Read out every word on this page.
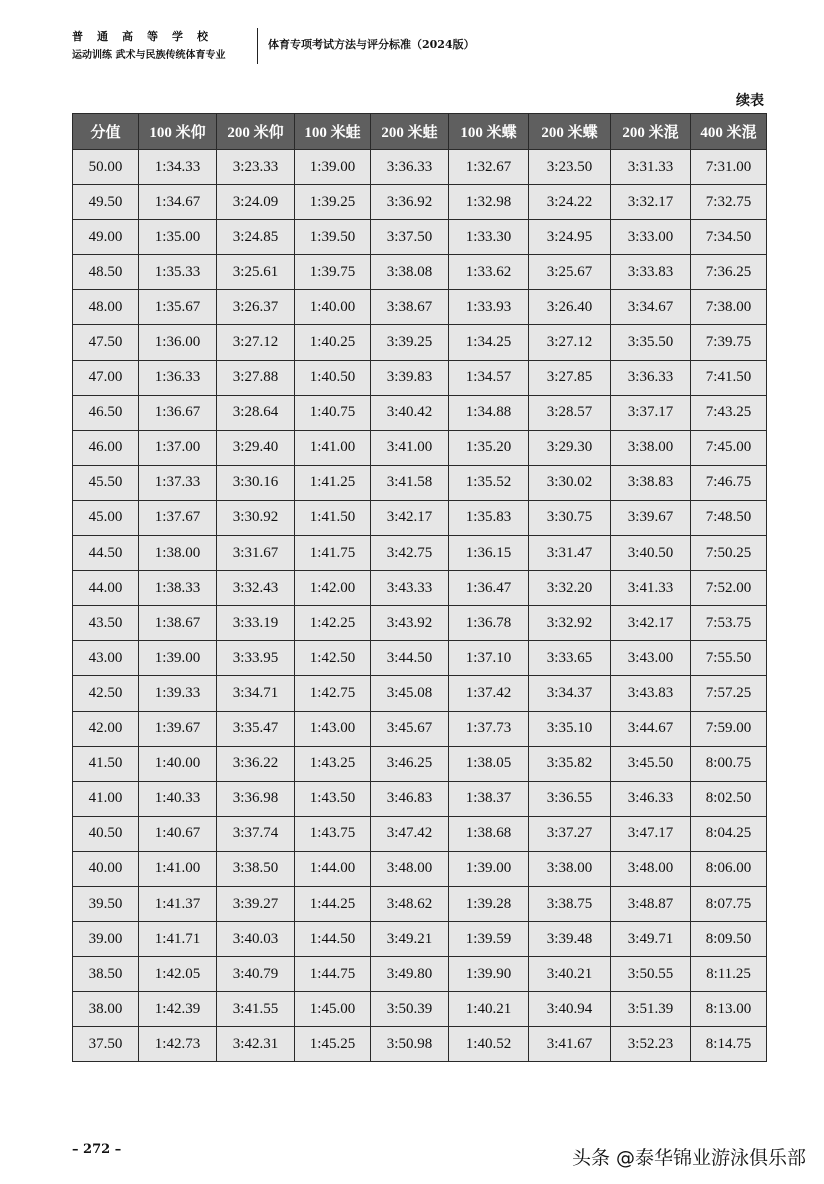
普通高等学校
运动训练 武术与民族传统体育专业
体育专项考试方法与评分标准（2024版）
续表
分值	100 米仰	200 米仰	100 米蛙	200 米蛙	100 米蝶	200 米蝶	200 米混	400 米混
50.00	1:34.33	3:23.33	1:39.00	3:36.33	1:32.67	3:23.50	3:31.33	7:31.00
49.50	1:34.67	3:24.09	1:39.25	3:36.92	1:32.98	3:24.22	3:32.17	7:32.75
49.00	1:35.00	3:24.85	1:39.50	3:37.50	1:33.30	3:24.95	3:33.00	7:34.50
48.50	1:35.33	3:25.61	1:39.75	3:38.08	1:33.62	3:25.67	3:33.83	7:36.25
48.00	1:35.67	3:26.37	1:40.00	3:38.67	1:33.93	3:26.40	3:34.67	7:38.00
47.50	1:36.00	3:27.12	1:40.25	3:39.25	1:34.25	3:27.12	3:35.50	7:39.75
47.00	1:36.33	3:27.88	1:40.50	3:39.83	1:34.57	3:27.85	3:36.33	7:41.50
46.50	1:36.67	3:28.64	1:40.75	3:40.42	1:34.88	3:28.57	3:37.17	7:43.25
46.00	1:37.00	3:29.40	1:41.00	3:41.00	1:35.20	3:29.30	3:38.00	7:45.00
45.50	1:37.33	3:30.16	1:41.25	3:41.58	1:35.52	3:30.02	3:38.83	7:46.75
45.00	1:37.67	3:30.92	1:41.50	3:42.17	1:35.83	3:30.75	3:39.67	7:48.50
44.50	1:38.00	3:31.67	1:41.75	3:42.75	1:36.15	3:31.47	3:40.50	7:50.25
44.00	1:38.33	3:32.43	1:42.00	3:43.33	1:36.47	3:32.20	3:41.33	7:52.00
43.50	1:38.67	3:33.19	1:42.25	3:43.92	1:36.78	3:32.92	3:42.17	7:53.75
43.00	1:39.00	3:33.95	1:42.50	3:44.50	1:37.10	3:33.65	3:43.00	7:55.50
42.50	1:39.33	3:34.71	1:42.75	3:45.08	1:37.42	3:34.37	3:43.83	7:57.25
42.00	1:39.67	3:35.47	1:43.00	3:45.67	1:37.73	3:35.10	3:44.67	7:59.00
41.50	1:40.00	3:36.22	1:43.25	3:46.25	1:38.05	3:35.82	3:45.50	8:00.75
41.00	1:40.33	3:36.98	1:43.50	3:46.83	1:38.37	3:36.55	3:46.33	8:02.50
40.50	1:40.67	3:37.74	1:43.75	3:47.42	1:38.68	3:37.27	3:47.17	8:04.25
40.00	1:41.00	3:38.50	1:44.00	3:48.00	1:39.00	3:38.00	3:48.00	8:06.00
39.50	1:41.37	3:39.27	1:44.25	3:48.62	1:39.28	3:38.75	3:48.87	8:07.75
39.00	1:41.71	3:40.03	1:44.50	3:49.21	1:39.59	3:39.48	3:49.71	8:09.50
38.50	1:42.05	3:40.79	1:44.75	3:49.80	1:39.90	3:40.21	3:50.55	8:11.25
38.00	1:42.39	3:41.55	1:45.00	3:50.39	1:40.21	3:40.94	3:51.39	8:13.00
37.50	1:42.73	3:42.31	1:45.25	3:50.98	1:40.52	3:41.67	3:52.23	8:14.75
– 272 –	头条 @泰华锦业游泳俱乐部
